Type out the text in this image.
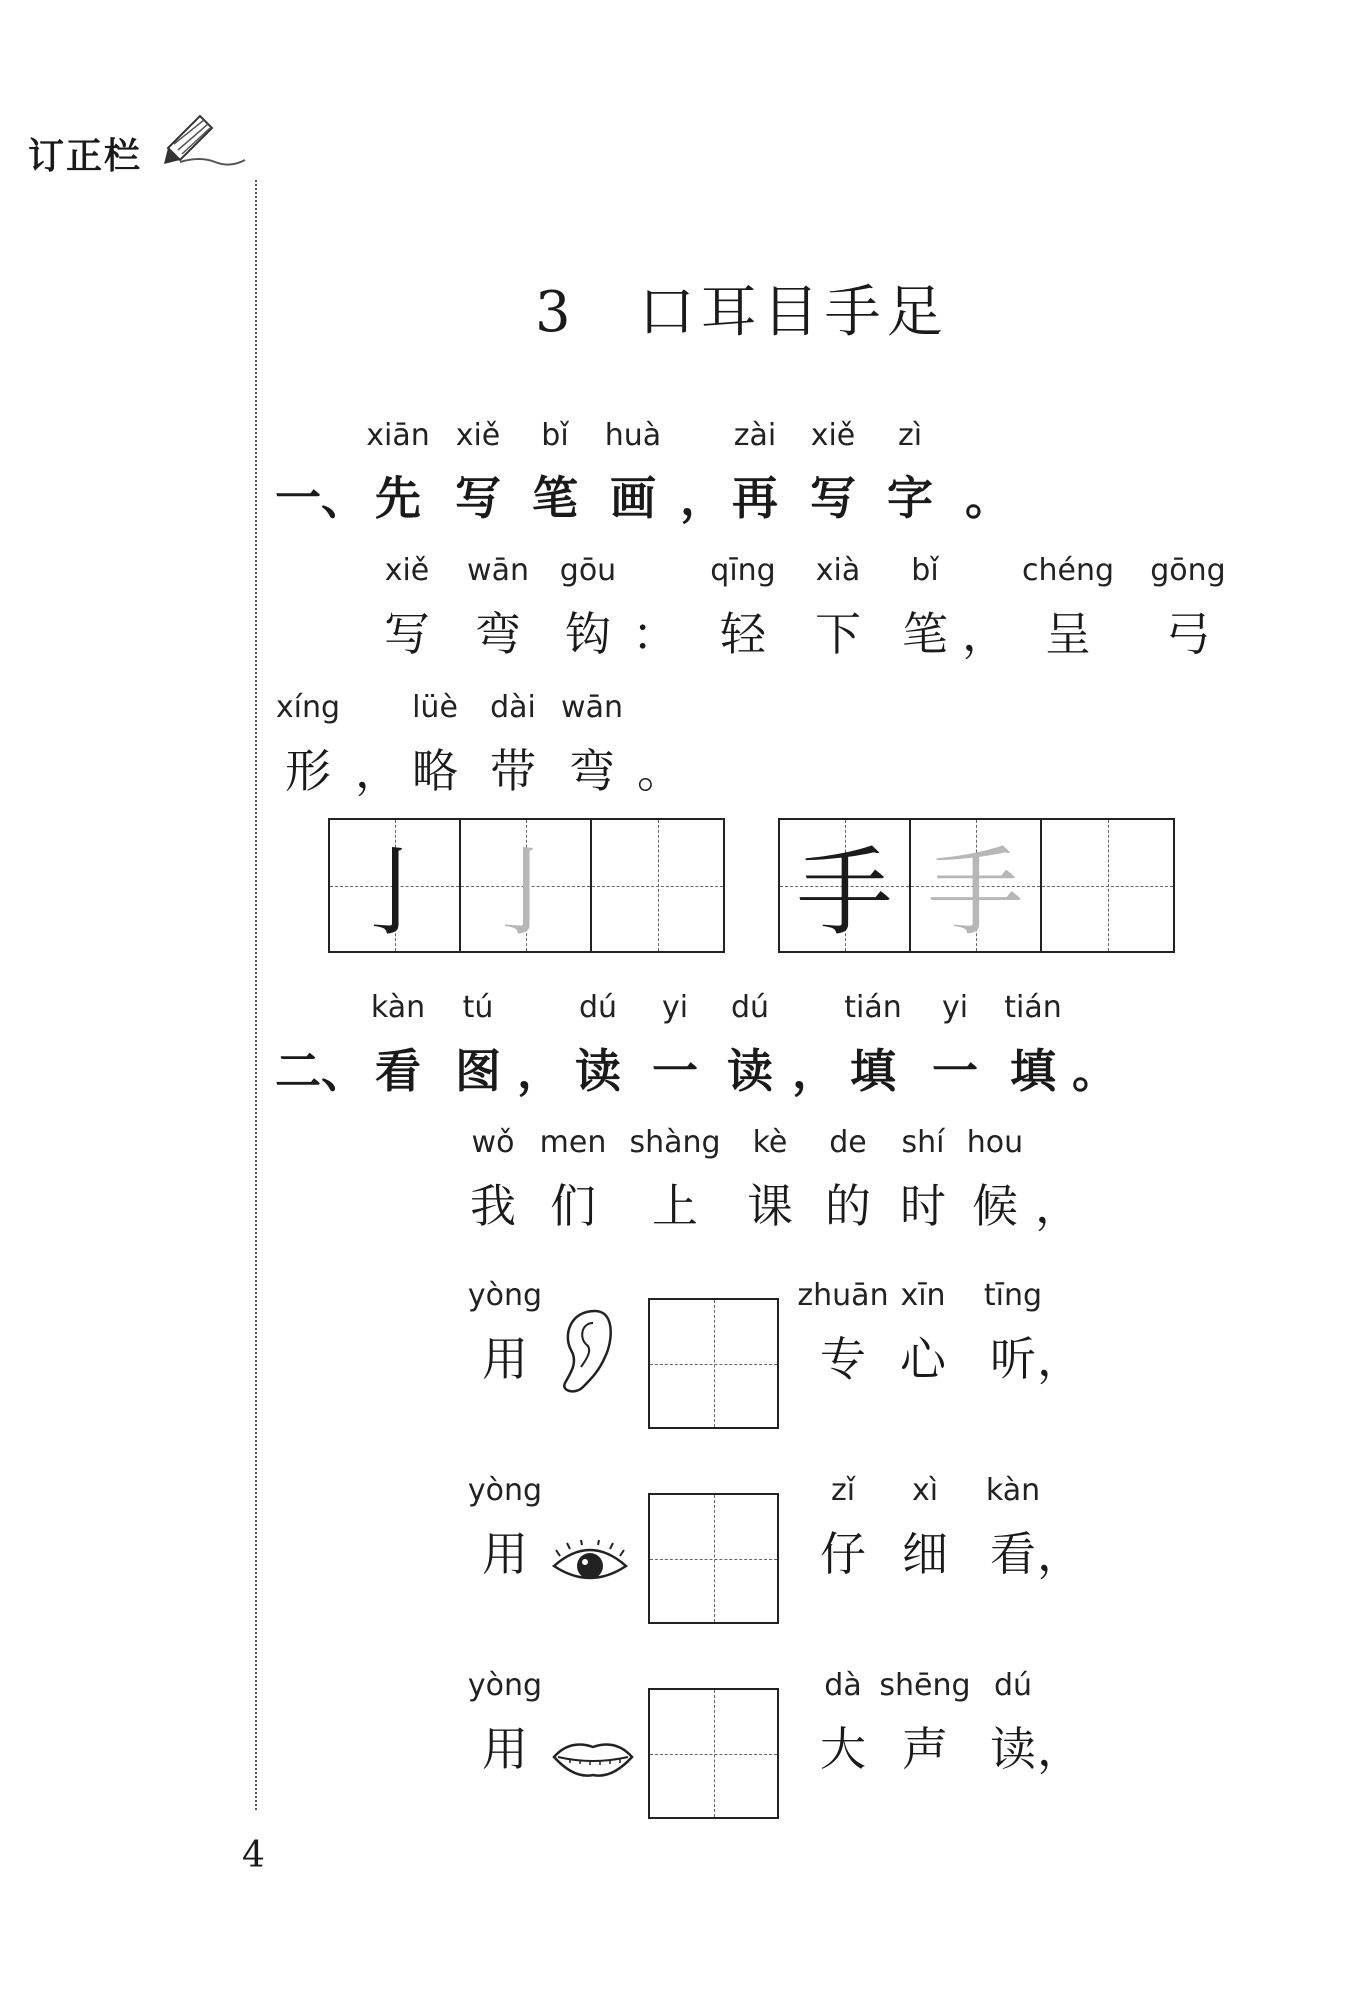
订正栏
3　口耳目手足
亅 亅 手 手
4
一、
xiān
先
xiě
写
bǐ
笔
huà
画
zài
再
xiě
写
zì
字
，	。
xiě
写
wān
弯
gōu
钩 ：
qīng
轻
xià
下
bǐ
笔 ，
chéng
呈
gōng
弓
xíng
形 ，
lüè
略
dài
带
wān
弯 。
二、
kàn
看
tú
图 ，
dú
读
yi
一
dú
读 ，
tián
填
yi
一
tián
填 。
wǒ
我
men
们
shàng
上
kè
课
de
的
shí
时
hou
候 ，
yòng
用
zhuān
专
xīn
心
tīng
听 ，
yòng
用
zǐ
仔
xì
细
kàn
看 ，
yòng
用
dà
大
shēng
声
dú
读 ，
